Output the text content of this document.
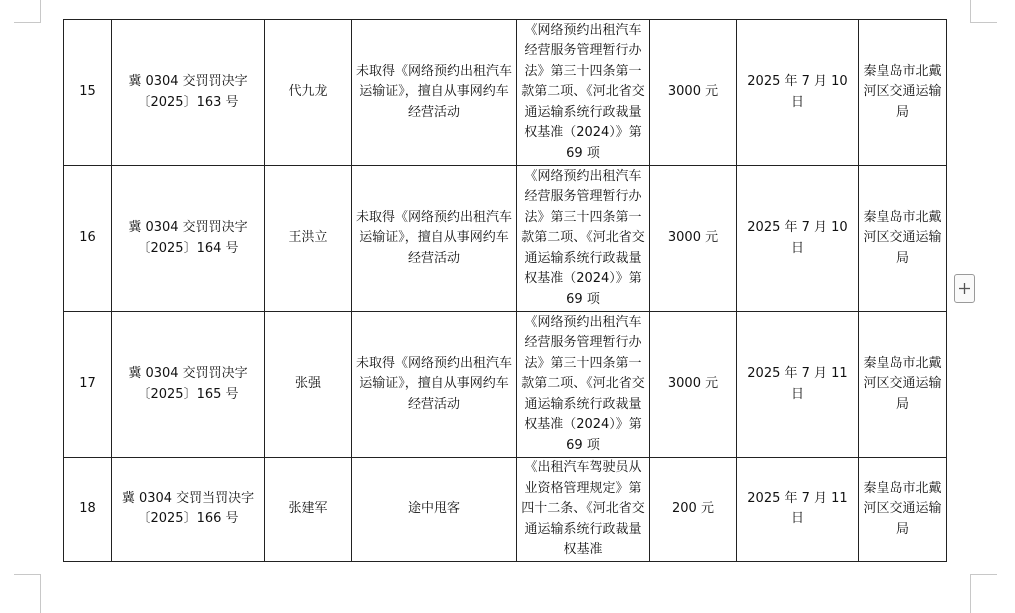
15	冀 0304 交罚罚决字〔2025〕163 号	代九龙	未取得《网络预约出租汽车运输证》，擅自从事网约车经营活动	《网络预约出租汽车经营服务管理暂行办法》第三十四条第一款第二项、《河北省交通运输系统行政裁量权基准（2024）》第 69 项	3000 元	2025 年 7 月 10 日	秦皇岛市北戴河区交通运输局
16	冀 0304 交罚罚决字〔2025〕164 号	王洪立	未取得《网络预约出租汽车运输证》，擅自从事网约车经营活动	《网络预约出租汽车经营服务管理暂行办法》第三十四条第一款第二项、《河北省交通运输系统行政裁量权基准（2024）》第 69 项	3000 元	2025 年 7 月 10 日	秦皇岛市北戴河区交通运输局
17	冀 0304 交罚罚决字〔2025〕165 号	张强	未取得《网络预约出租汽车运输证》，擅自从事网约车经营活动	《网络预约出租汽车经营服务管理暂行办法》第三十四条第一款第二项、《河北省交通运输系统行政裁量权基准（2024）》第 69 项	3000 元	2025 年 7 月 11 日	秦皇岛市北戴河区交通运输局
18	冀 0304 交罚当罚决字〔2025〕166 号	张建军	途中甩客	《出租汽车驾驶员从业资格管理规定》第四十二条、《河北省交通运输系统行政裁量权基准	200 元	2025 年 7 月 11 日	秦皇岛市北戴河区交通运输局
